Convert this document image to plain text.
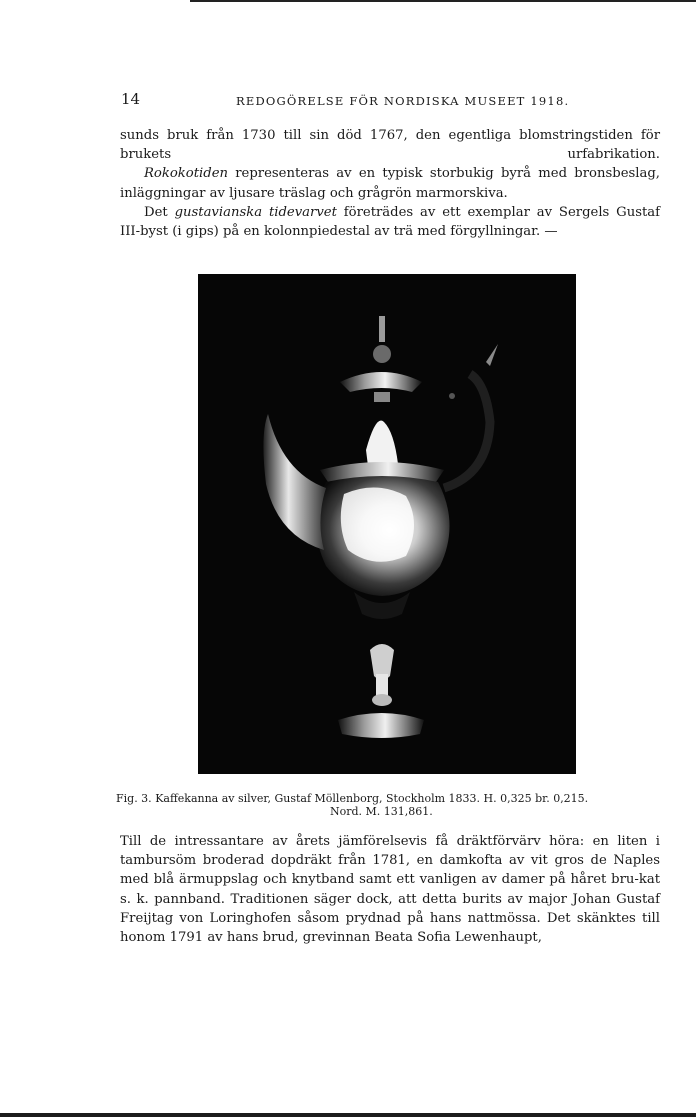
14	REDOGÖRELSE FÖR NORDISKA MUSEET 1918.

sunds bruk från 1730 till sin död 1767, den egentliga blomstringstiden för brukets urfabrikation.

Rokokotiden representeras av en typisk storbukig byrå med bronsbeslag, inläggningar av ljusare träslag och grågrön marmorskiva.

Det gustavianska tidevarvet företrädes av ett exemplar av Sergels Gustaf III-byst (i gips) på en kolonnpiedestal av trä med förgyllningar. —

Fig. 3. Kaffekanna av silver, Gustaf Möllenborg, Stockholm 1833. H. 0,325 br. 0,215.
Nord. M. 131,861.

Till de intressantare av årets jämförelsevis få dräktförvärv höra: en liten i tambursöm broderad dopdräkt från 1781, en damkofta av vit gros de Naples med blå ärmuppslag och knytband samt ett vanligen av damer på håret bru-kat s. k. pannband. Traditionen säger dock, att detta burits av major Johan Gustaf Freijtag von Loringhofen såsom prydnad på hans nattmössa. Det skänktes till honom 1791 av hans brud, grevinnan Beata Sofia Lewenhaupt,
